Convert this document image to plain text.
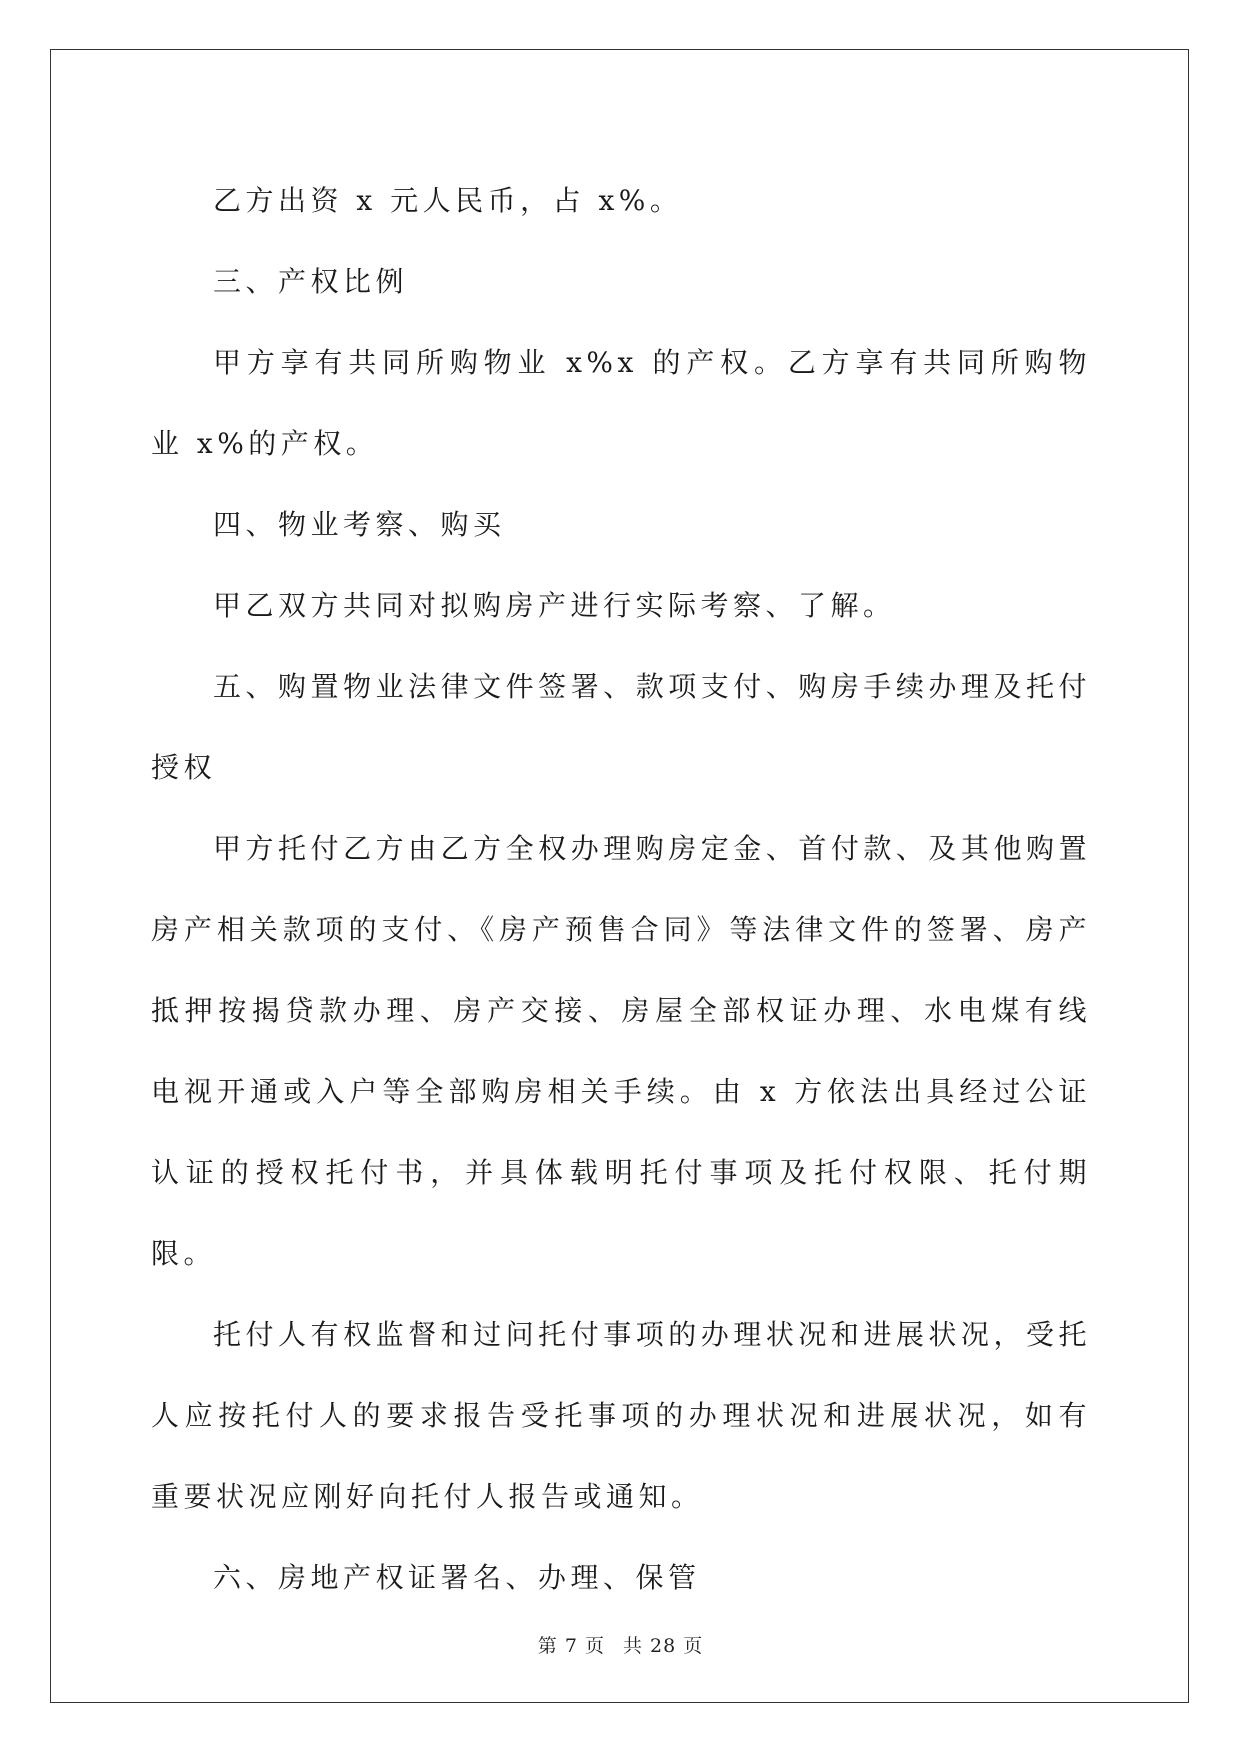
乙方出资 x 元人民币，占 x%。

三、产权比例

甲方享有共同所购物业 x%x 的产权。乙方享有共同所购物业 x%的产权。

四、物业考察、购买

甲乙双方共同对拟购房产进行实际考察、了解。

五、购置物业法律文件签署、款项支付、购房手续办理及托付授权

甲方托付乙方由乙方全权办理购房定金、首付款、及其他购置房产相关款项的支付、《房产预售合同》等法律文件的签署、房产抵押按揭贷款办理、房产交接、房屋全部权证办理、水电煤有线电视开通或入户等全部购房相关手续。由 x 方依法出具经过公证认证的授权托付书，并具体载明托付事项及托付权限、托付期限。

托付人有权监督和过问托付事项的办理状况和进展状况，受托人应按托付人的要求报告受托事项的办理状况和进展状况，如有重要状况应刚好向托付人报告或通知。

六、房地产权证署名、办理、保管

第 7 页 共 28 页
